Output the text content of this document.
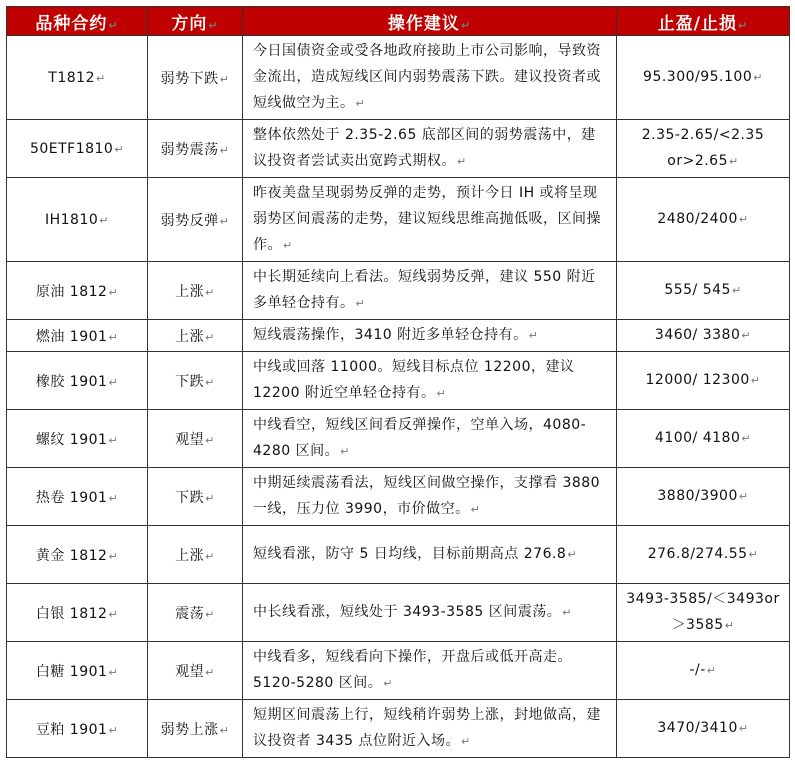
品种合约↵	方向↵	操作建议↵	止盈/止损↵
T1812↵	弱势下跌↵	今日国债资金或受各地政府接助上市公司影响，导致资金流出，造成短线区间内弱势震荡下跌。建议投资者或短线做空为主。↵	95.300/95.100↵
50ETF1810↵	弱势震荡↵	整体依然处于 2.35-2.65 底部区间的弱势震荡中，建议投资者尝试卖出宽跨式期权。↵	2.35-2.65/<2.35 or>2.65↵
IH1810↵	弱势反弹↵	昨夜美盘呈现弱势反弹的走势，预计今日 IH 或将呈现弱势区间震荡的走势，建议短线思维高抛低吸，区间操作。↵	2480/2400↵
原油 1812↵	上涨↵	中长期延续向上看法。短线弱势反弹，建议 550 附近多单轻仓持有。↵	555/ 545↵
燃油 1901↵	上涨↵	短线震荡操作，3410 附近多单轻仓持有。↵	3460/ 3380↵
橡胶 1901↵	下跌↵	中线或回落 11000。短线目标点位 12200，建议 12200 附近空单轻仓持有。↵	12000/ 12300↵
螺纹 1901↵	观望↵	中线看空，短线区间看反弹操作，空单入场，4080-4280 区间。↵	4100/ 4180↵
热卷 1901↵	下跌↵	中期延续震荡看法，短线区间做空操作，支撑看 3880 一线，压力位 3990，市价做空。↵	3880/3900↵
黄金 1812↵	上涨↵	短线看涨，防守 5 日均线，目标前期高点 276.8↵	276.8/274.55↵
白银 1812↵	震荡↵	中长线看涨，短线处于 3493-3585 区间震荡。↵	3493-3585/＜3493or＞3585↵
白糖 1901↵	观望↵	中线看多，短线看向下操作，开盘后或低开高走。5120-5280 区间。↵	-/-↵
豆粕 1901↵	弱势上涨↵	短期区间震荡上行，短线稍许弱势上涨，封地做高，建议投资者 3435 点位附近入场。↵	3470/3410↵
